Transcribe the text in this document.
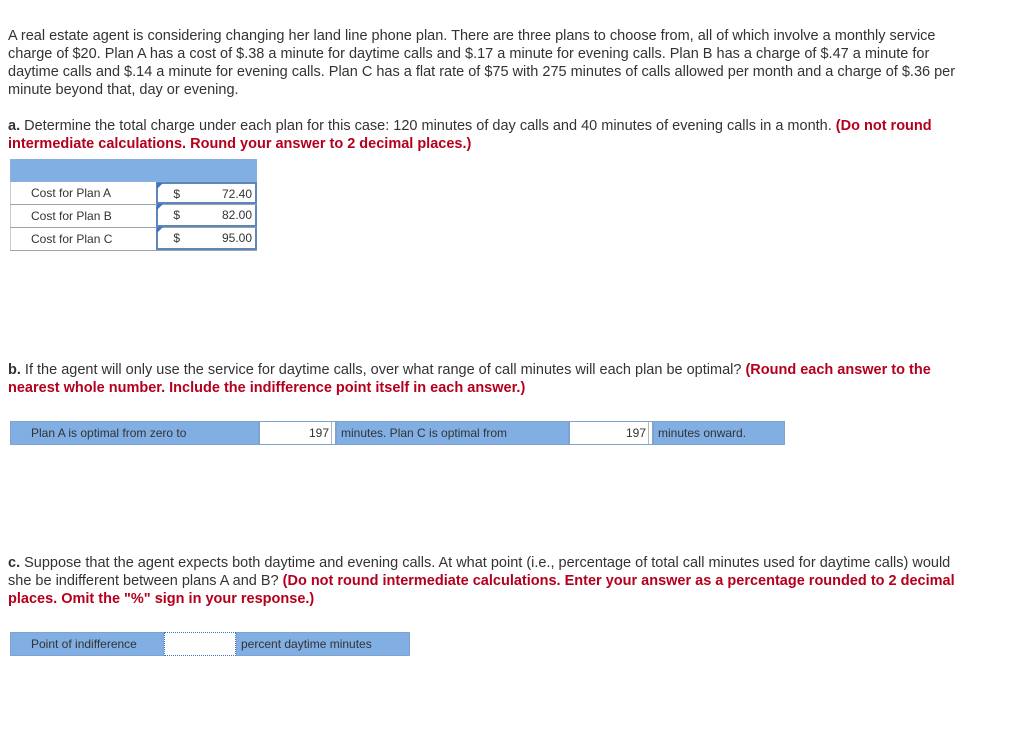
A real estate agent is considering changing her land line phone plan. There are three plans to choose from, all of which involve a monthly service charge of $20. Plan A has a cost of $.38 a minute for daytime calls and $.17 a minute for evening calls. Plan B has a charge of $.47 a minute for daytime calls and $.14 a minute for evening calls. Plan C has a flat rate of $75 with 275 minutes of calls allowed per month and a charge of $.36 per minute beyond that, day or evening.
a. Determine the total charge under each plan for this case: 120 minutes of day calls and 40 minutes of evening calls in a month. (Do not round intermediate calculations. Round your answer to 2 decimal places.)
Cost for Plan A	$	72.40
Cost for Plan B	$	82.00
Cost for Plan C	$	95.00
b. If the agent will only use the service for daytime calls, over what range of call minutes will each plan be optimal? (Round each answer to the nearest whole number. Include the indifference point itself in each answer.)
Plan A is optimal from zero to	197	minutes. Plan C is optimal from	197	minutes onward.
c. Suppose that the agent expects both daytime and evening calls. At what point (i.e., percentage of total call minutes used for daytime calls) would she be indifferent between plans A and B? (Do not round intermediate calculations. Enter your answer as a percentage rounded to 2 decimal places. Omit the "%" sign in your response.)
Point of indifference	percent daytime minutes
